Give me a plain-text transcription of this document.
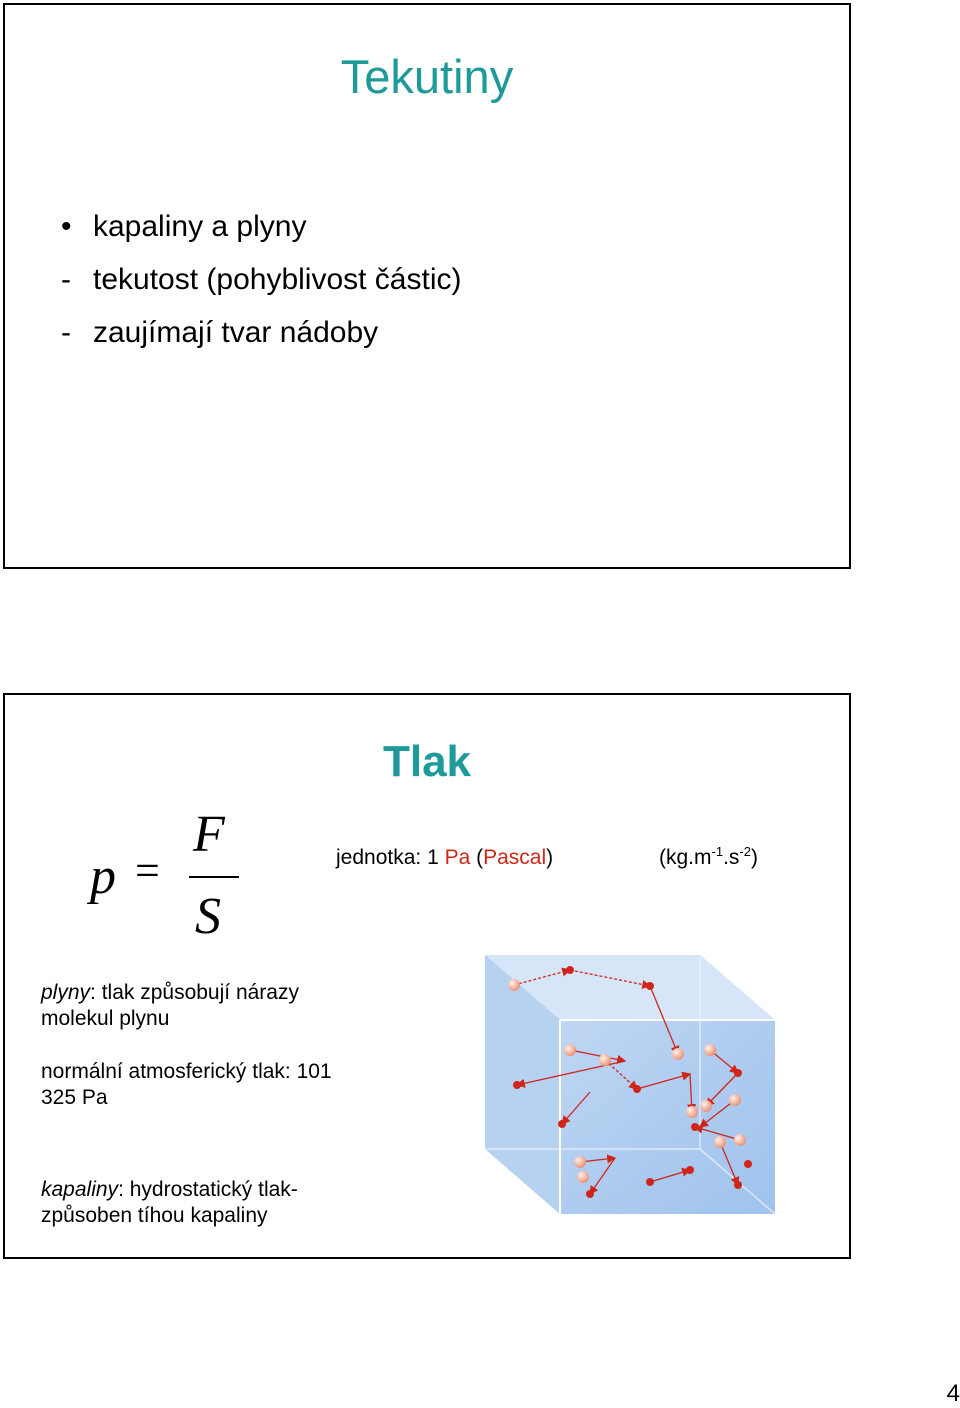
Tekutiny
• kapaliny a plyny
- tekutost (pohyblivost částic)
- zaujímají tvar nádoby
Tlak
p =
F
S
jednotka: 1 Pa (Pascal)	$(kg.m^{-1}.s^{-2})$
plyny: tlak způsobují nárazy
molekul plynu
normální atmosferický tlak: 101
325 Pa
kapaliny: hydrostatický tlak-
způsoben tíhou kapaliny
4
